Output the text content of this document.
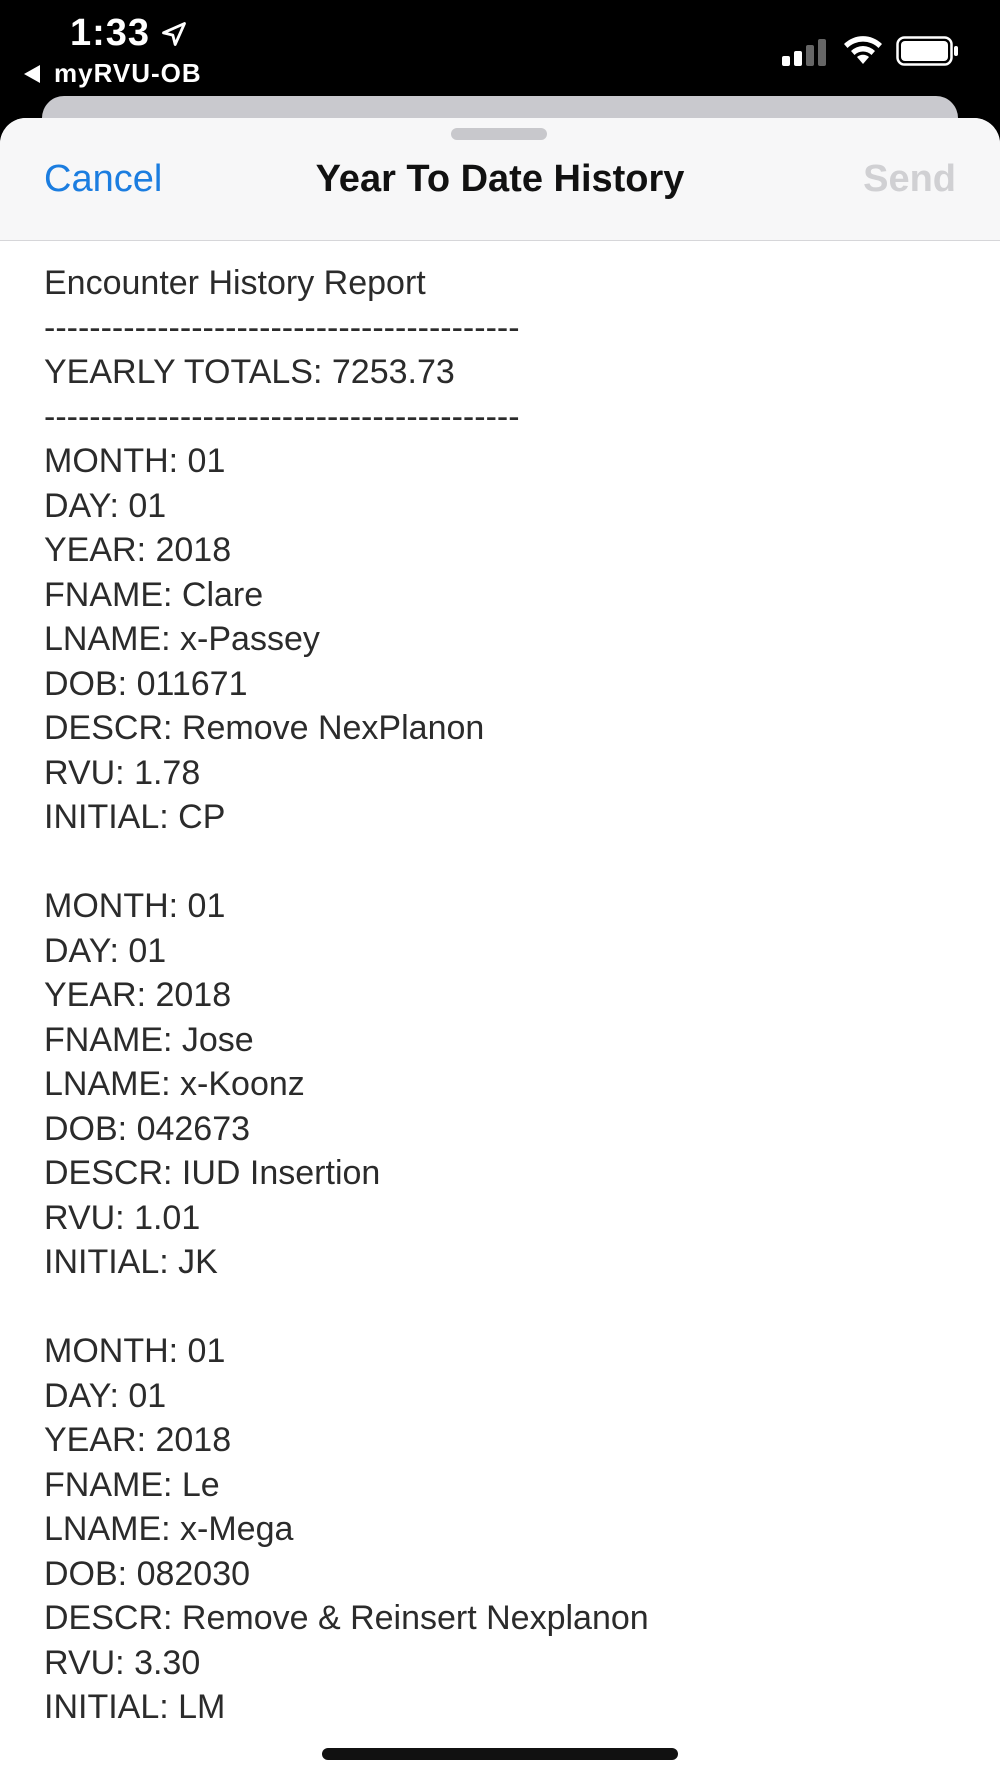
1:33
myRVU-OB
Cancel	Year To Date History	Send
Encounter History Report
------------------------------------------
YEARLY TOTALS: 7253.73
------------------------------------------
MONTH: 01
DAY: 01
YEAR: 2018
FNAME: Clare
LNAME: x-Passey
DOB: 011671
DESCR: Remove NexPlanon
RVU: 1.78
INITIAL: CP
MONTH: 01
DAY: 01
YEAR: 2018
FNAME: Jose
LNAME: x-Koonz
DOB: 042673
DESCR: IUD Insertion
RVU: 1.01
INITIAL: JK
MONTH: 01
DAY: 01
YEAR: 2018
FNAME: Le
LNAME: x-Mega
DOB: 082030
DESCR: Remove & Reinsert Nexplanon
RVU: 3.30
INITIAL: LM
